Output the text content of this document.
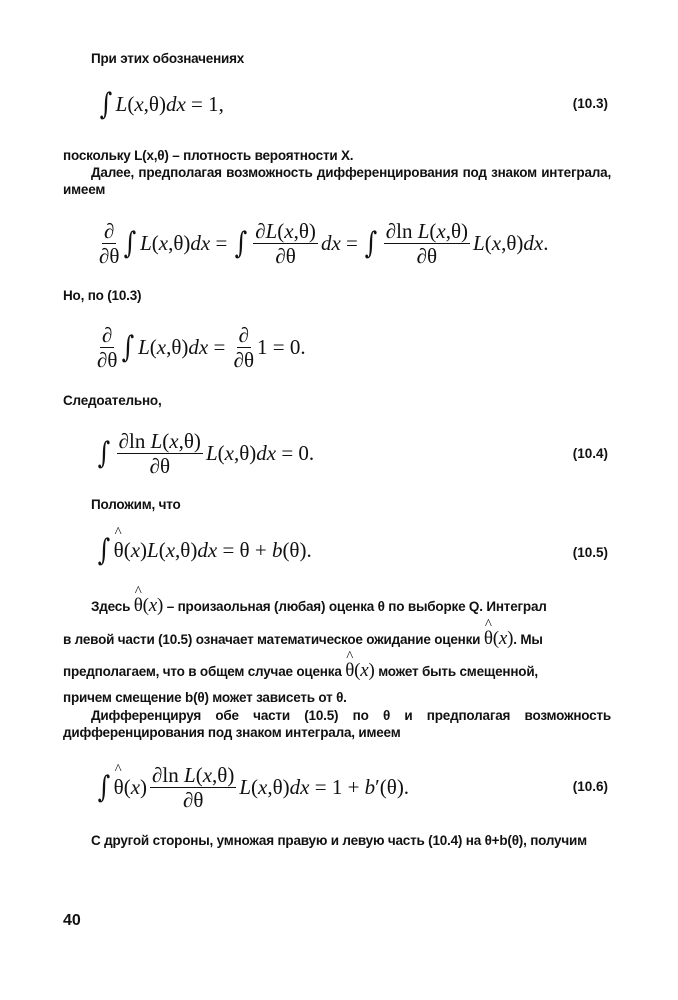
При этих обозначениях
∫ L ( x ,θ) dx = 1,	(10.3)
поскольку L(x,θ) – плотность вероятности X.
Далее, предполагая возможность дифференцирования под знаком интеграла, имеем
$\frac{\partial}{\partial\theta}$ ∫ L ( x ,θ) dx = ∫ $\frac{\partial L(x,\theta)}{\partial\theta}$ dx = ∫ $\frac{\text{∂ln L(x,θ)}}{\partial\theta}$ L ( x ,θ) dx .
Но, по (10.3)
$\frac{\partial}{\partial\theta}$ ∫ L ( x ,θ) dx = $\frac{\partial}{\partial\theta} 1 = 0$.
Следоательно,
∫ $\frac{\text{∂ln L(x,θ)}}{\partial\theta}$ L ( x ,θ) dx = 0.	(10.4)
Положим, что
∫ ^ θ ( x ) L ( x ,θ) dx = θ + b (θ).	(10.5)
Здесь ^ θ(x) – произаольная (любая) оценка θ по выборке Q. Интеграл
в левой части (10.5) означает математическое ожидание оценки ^ θ(x). Мы
предполагаем, что в общем случае оценка ^ θ(x) может быть смещенной,
причем смещение b(θ) может зависеть от θ.
Дифференцируя обе части (10.5) по θ и предполагая возможность дифференцирования под знаком интеграла, имеем
∫ ^ θ ( x ) $\frac{\text{∂ln L(x,θ)}}{\partial\theta}$ L ( x ,θ) dx = 1 + b ′(θ).	(10.6)
С другой стороны, умножая правую и левую часть (10.4) на θ+b(θ), получим
40
